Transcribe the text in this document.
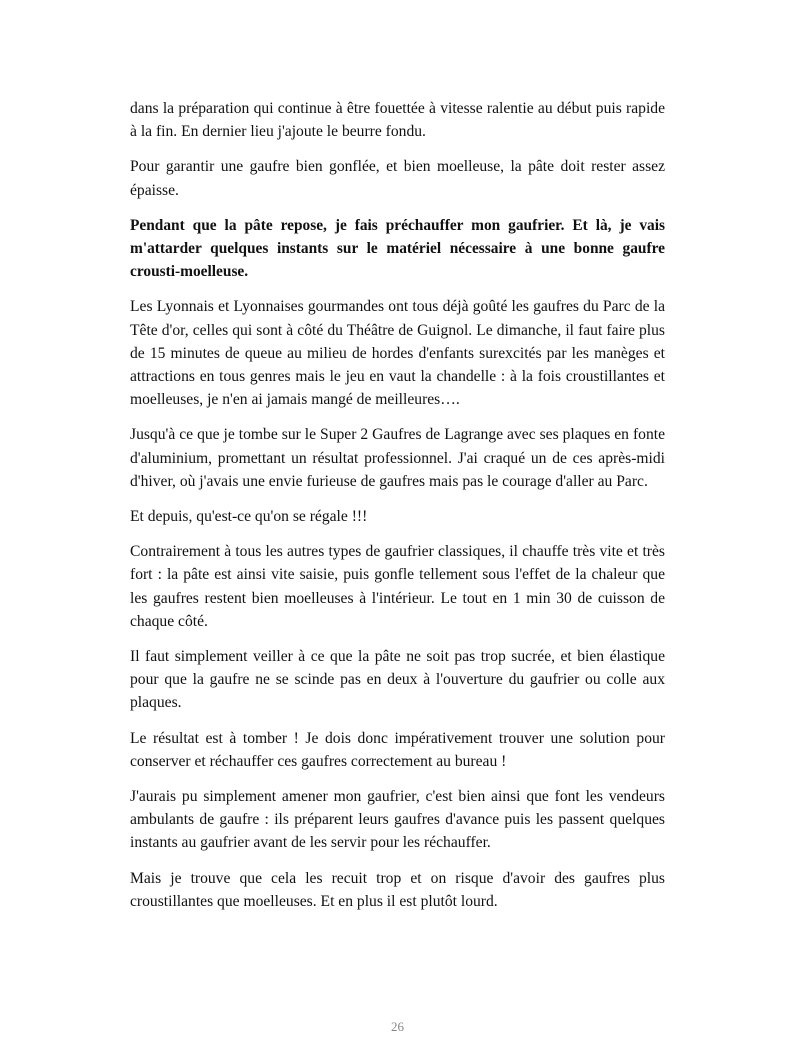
dans la préparation qui continue à être fouettée à vitesse ralentie au début puis rapide à la fin. En dernier lieu j'ajoute le beurre fondu.

Pour garantir une gaufre bien gonflée, et bien moelleuse, la pâte doit rester assez épaisse.

Pendant que la pâte repose, je fais préchauffer mon gaufrier. Et là, je vais m'attarder quelques instants sur le matériel nécessaire à une bonne gaufre crousti-moelleuse.

Les Lyonnais et Lyonnaises gourmandes ont tous déjà goûté les gaufres du Parc de la Tête d'or, celles qui sont à côté du Théâtre de Guignol. Le dimanche, il faut faire plus de 15 minutes de queue au milieu de hordes d'enfants surexcités par les manèges et attractions en tous genres mais le jeu en vaut la chandelle : à la fois croustillantes et moelleuses, je n'en ai jamais mangé de meilleures….

Jusqu'à ce que je tombe sur le Super 2 Gaufres de Lagrange avec ses plaques en fonte d'aluminium, promettant un résultat professionnel. J'ai craqué un de ces après-midi d'hiver, où j'avais une envie furieuse de gaufres mais pas le courage d'aller au Parc.

Et depuis, qu'est-ce qu'on se régale !!!

Contrairement à tous les autres types de gaufrier classiques, il chauffe très vite et très fort : la pâte est ainsi vite saisie, puis gonfle tellement sous l'effet de la chaleur que les gaufres restent bien moelleuses à l'intérieur. Le tout en 1 min 30 de cuisson de chaque côté.

Il faut simplement veiller à ce que la pâte ne soit pas trop sucrée, et bien élastique pour que la gaufre ne se scinde pas en deux à l'ouverture du gaufrier ou colle aux plaques.

Le résultat est à tomber ! Je dois donc impérativement trouver une solution pour conserver et réchauffer ces gaufres correctement au bureau !

J'aurais pu simplement amener mon gaufrier, c'est bien ainsi que font les vendeurs ambulants de gaufre : ils préparent leurs gaufres d'avance puis les passent quelques instants au gaufrier avant de les servir pour les réchauffer.

Mais je trouve que cela les recuit trop et on risque d'avoir des gaufres plus croustillantes que moelleuses. Et en plus il est plutôt lourd.

26
